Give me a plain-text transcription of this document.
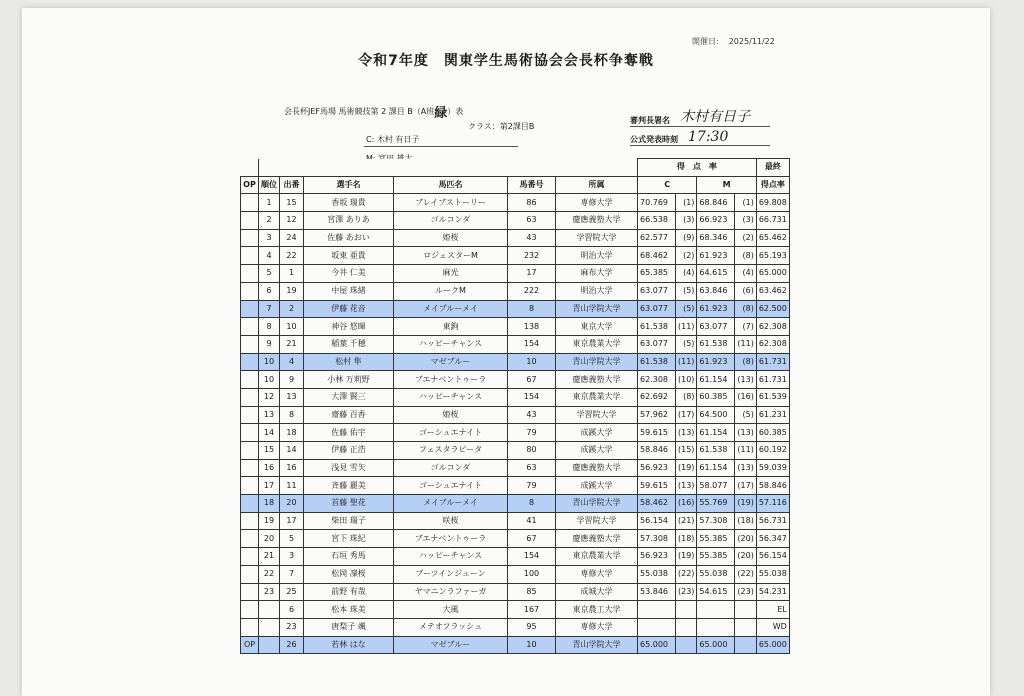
開催日: 2025/11/22
令和7年度　関東学生馬術協会会長杯争奪戦
会長杯JEF馬場 馬術競技第 2 課目 B（A班緑）表
クラス：第2課目B
C: 木村 有日子
審判長署名 木村有日子
公式発表時刻 17:30
							得　点　率				最終
OP	順位	出番	選手名	馬匹名	馬番号	所属	C		M		得点率
	1	15	香坂 瑞貴	ブレイブストーリー	86	専修大学	70.769	(1)	68.846	(1)	69.808
	2	12	宮澤 ありあ	ゴルコンダ	63	慶應義塾大学	66.538	(3)	66.923	(3)	66.731
	3	24	佐藤 あおい	姫桜	43	学習院大学	62.577	(9)	68.346	(2)	65.462
	4	22	坂東 亜貴	ロジェスターM	232	明治大学	68.462	(2)	61.923	(8)	65.193
	5	1	今井 仁美	麻光	17	麻布大学	65.385	(4)	64.615	(4)	65.000
	6	19	中屋 珠緒	ルークM	222	明治大学	63.077	(5)	63.846	(6)	63.462
	7	2	伊藤 花音	メイプルーメイ	8	青山学院大学	63.077	(5)	61.923	(8)	62.500
	8	10	神谷 悠暉	東鉤	138	東京大学	61.538	(11)	63.077	(7)	62.308
	9	21	稲葉 千穂	ハッピーチャンス	154	東京農業大学	63.077	(5)	61.538	(11)	62.308
	10	4	松村 隼	マゼブルー	10	青山学院大学	61.538	(11)	61.923	(8)	61.731
	10	9	小林 万莉野	ブエナベントゥーラ	67	慶應義塾大学	62.308	(10)	61.154	(13)	61.731
	12	13	大澤 賢三	ハッピーチャンス	154	東京農業大学	62.692	(8)	60.385	(16)	61.539
	13	8	齋藤 百香	姫桜	43	学習院大学	57.962	(17)	64.500	(5)	61.231
	14	18	佐藤 佑宇	ゴーシュエナイト	79	成蹊大学	59.615	(13)	61.154	(13)	60.385
	15	14	伊藤 正浩	フェスタラピータ	80	成蹊大学	58.846	(15)	61.538	(11)	60.192
	16	16	浅見 雪矢	ゴルコンダ	63	慶應義塾大学	56.923	(19)	61.154	(13)	59.039
	17	11	斉藤 麗美	ゴーシュエナイト	79	成蹊大学	59.615	(13)	58.077	(17)	58.846
	18	20	首藤 聖花	メイブルーメイ	8	青山学院大学	58.462	(16)	55.769	(19)	57.116
	19	17	柴田 瑞子	咲桜	41	学習院大学	56.154	(21)	57.308	(18)	56.731
	20	5	宮下 珠紀	ブエナベントゥーラ	67	慶應義塾大学	57.308	(18)	55.385	(20)	56.347
	21	3	石垣 秀馬	ハッピーチャンス	154	東京農業大学	56.923	(19)	55.385	(20)	56.154
	22	7	松岡 凜桜	ブーツインジューン	100	専修大学	55.038	(22)	55.038	(22)	55.038
	23	25	前野 有哉	ヤマニンラファーガ	85	成城大学	53.846	(23)	54.615	(23)	54.231
		6	松本 珠美	大風	167	東京農工大学					EL
		23	唐梨子 颯	メテオフラッシュ	95	専修大学					WD
OP		26	若林 はな	マゼブルー	10	青山学院大学	65.000		65.000		65.000
